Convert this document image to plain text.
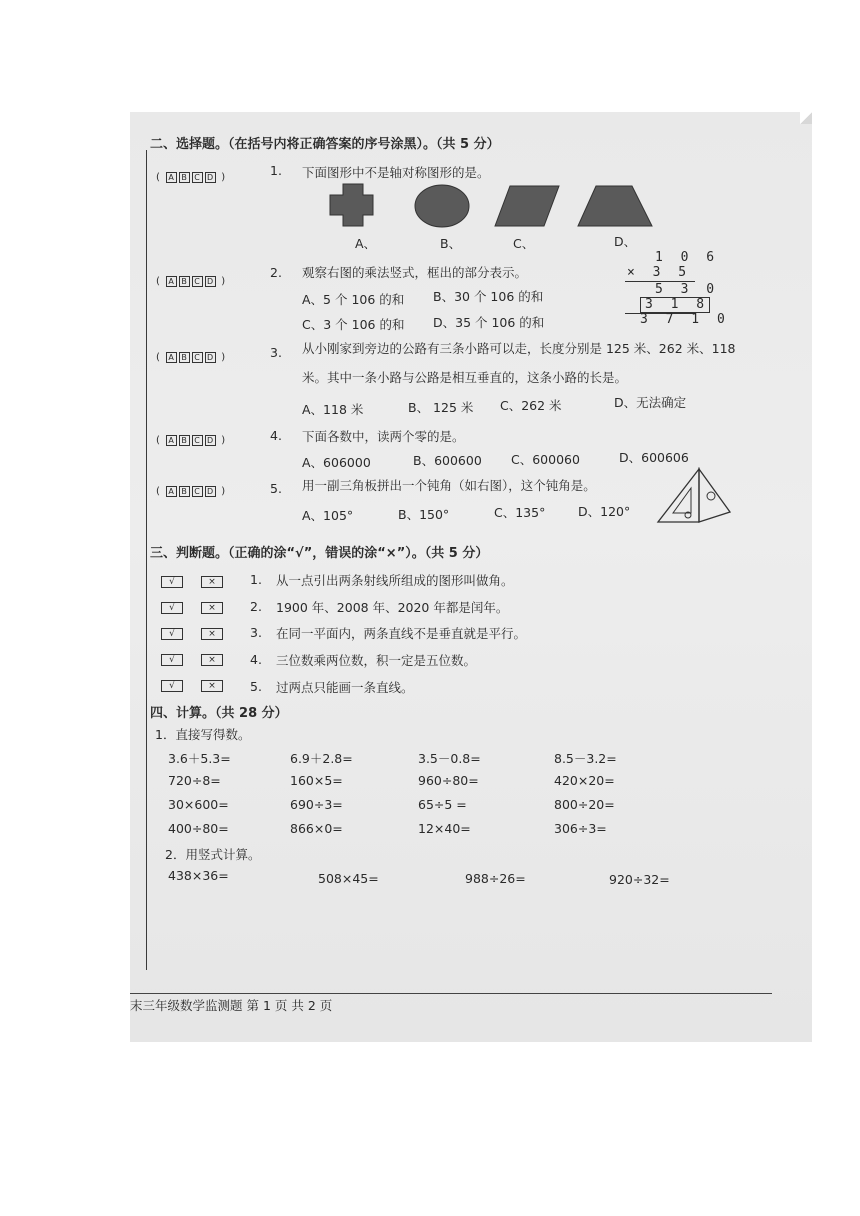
二、选择题。（在括号内将正确答案的序号涂黑）。（共 5 分）
( A B C D )	1. 下面图形中不是轴对称图形的是。
A、	B、	C、	D、
( A B C D )
2. 观察右图的乘法竖式，框出的部分表示。
A、5 个 106 的和 B、30 个 106 的和
C、3 个 106 的和 D、35 个 106 的和
1 0 6
× 3 5
5 3 0
3 1 8
3 7 1 0
( A B C D )	3. 从小刚家到旁边的公路有三条小路可以走，长度分别是 125 米、262 米、118
米。其中一条小路与公路是相互垂直的，这条小路的长是。
A、118 米	B、 125 米 C、262 米	D、无法确定
( A B C D )	4. 下面各数中，读两个零的是。
A、606000	B、600600 C、600060	D、600606
( A B C D )	5. 用一副三角板拼出一个钝角（如右图），这个钝角是。
A、105°	B、150°	C、135°	D、120°
三、判断题。（正确的涂“√”，错误的涂“×”）。（共 5 分）
√	×	1. 从一点引出两条射线所组成的图形叫做角。
√	×	2. 1900 年、2008 年、2020 年都是闰年。
√	×	3. 在同一平面内，两条直线不是垂直就是平行。
√	×	4. 三位数乘两位数，积一定是五位数。
√	×	5. 过两点只能画一条直线。
四、计算。（共 28 分）
1．直接写得数。
3.6＋5.3=	6.9＋2.8=	3.5－0.8=	8.5－3.2=
720÷8=	160×5=	960÷80=	420×20=
30×600=	690÷3=	65÷5 =	800÷20=
400÷80=	866×0=	12×40=	306÷3=
2．用竖式计算。
438×36=	508×45=	988÷26=	920÷32=
末三年级数学监测题 第 1 页 共 2 页
